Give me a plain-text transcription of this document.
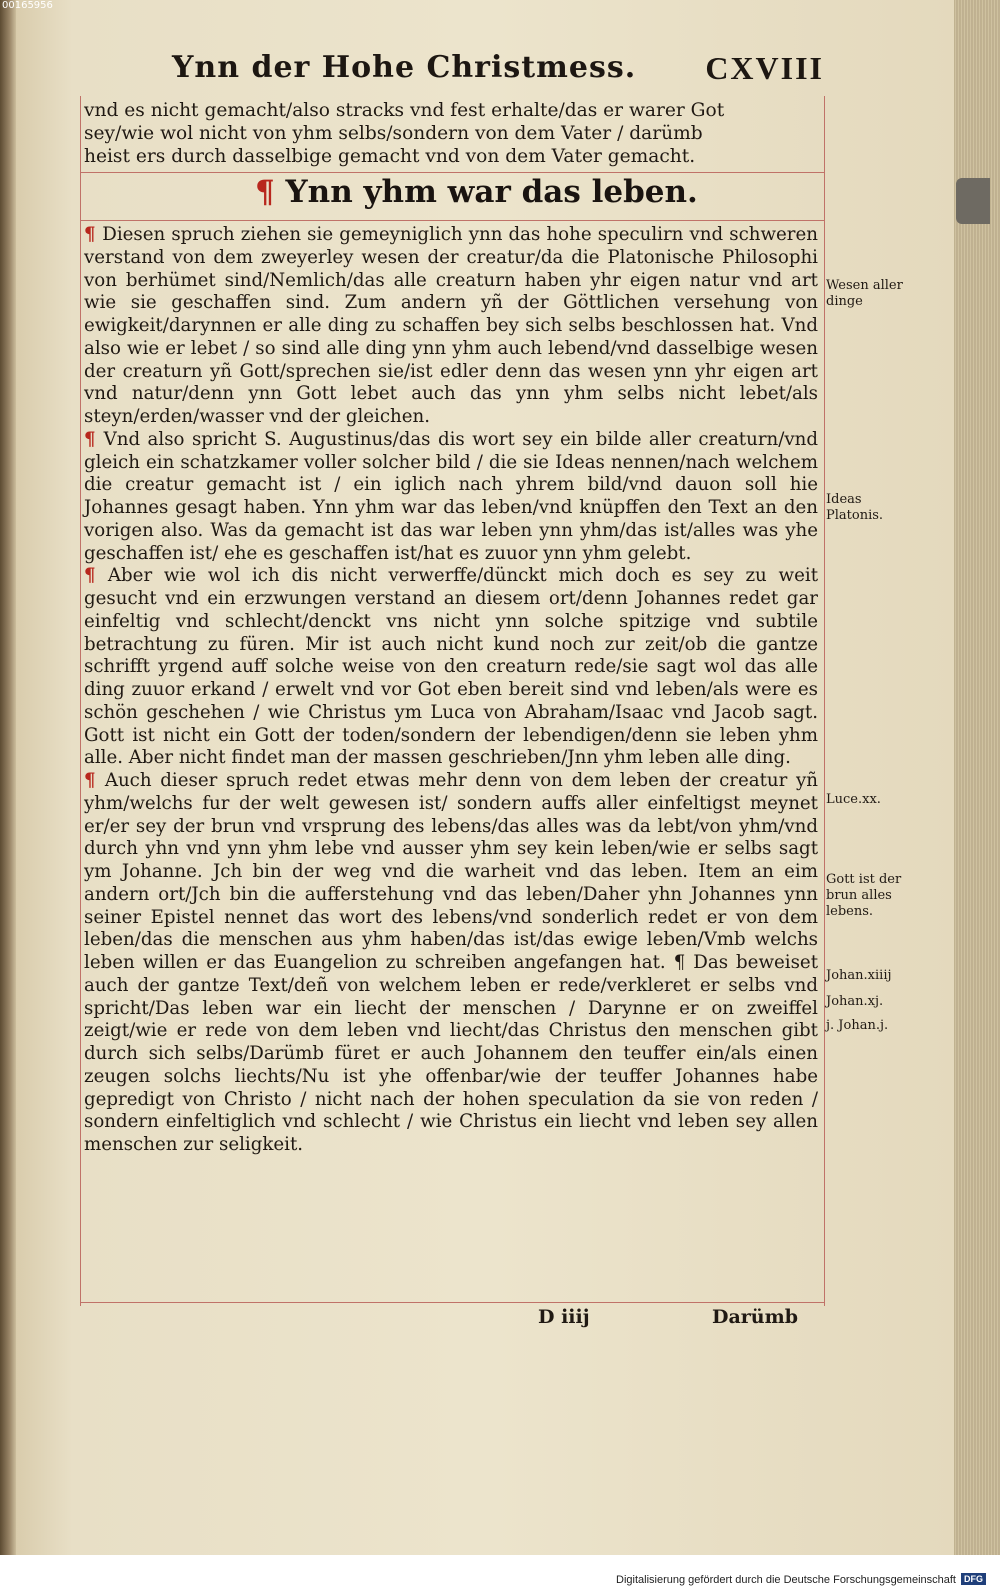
00165956
Ynn der Hohe Christmess. CXVIII
vnd es nicht gemacht/also stracks vnd fest erhalte/das er warer Got
sey/wie wol nicht von yhm selbs/sondern von dem Vater / darümb
heist ers durch dasselbige gemacht vnd von dem Vater gemacht.
¶ Ynn yhm war das leben.

¶ Diesen spruch ziehen sie gemeyniglich ynn das hohe speculirn vnd schweren verstand von dem zweyerley wesen der creatur/da die Platonische Philosophi von berhümet sind/Nemlich/das alle creaturn haben yhr eigen natur vnd art wie sie geschaffen sind. Zum andern yñ der Göttlichen versehung von ewigkeit/darynnen er alle ding zu schaffen bey sich selbs beschlossen hat. Vnd also wie er lebet / so sind alle ding ynn yhm auch lebend/vnd dasselbige wesen der creaturn yñ Gott/sprechen sie/ist edler denn das wesen ynn yhr eigen art vnd natur/denn ynn Gott lebet auch das ynn yhm selbs nicht lebet/als steyn/erden/wasser vnd der gleichen.

¶ Vnd also spricht S. Augustinus/das dis wort sey ein bilde aller creaturn/vnd gleich ein schatzkamer voller solcher bild / die sie Ideas nennen/nach welchem die creatur gemacht ist / ein iglich nach yhrem bild/vnd dauon soll hie Johannes gesagt haben. Ynn yhm war das leben/vnd knüpffen den Text an den vorigen also. Was da gemacht ist das war leben ynn yhm/das ist/alles was yhe geschaffen ist/ ehe es geschaffen ist/hat es zuuor ynn yhm gelebt.

¶ Aber wie wol ich dis nicht verwerffe/dünckt mich doch es sey zu weit gesucht vnd ein erzwungen verstand an diesem ort/denn Johannes redet gar einfeltig vnd schlecht/denckt vns nicht ynn solche spitzige vnd subtile betrachtung zu füren. Mir ist auch nicht kund noch zur zeit/ob die gantze schrifft yrgend auff solche weise von den creaturn rede/sie sagt wol das alle ding zuuor erkand / erwelt vnd vor Got eben bereit sind vnd leben/als were es schön geschehen / wie Christus ym Luca von Abraham/Isaac vnd Jacob sagt. Gott ist nicht ein Gott der toden/sondern der lebendigen/denn sie leben yhm alle. Aber nicht findet man der massen geschrieben/Jnn yhm leben alle ding.

¶ Auch dieser spruch redet etwas mehr denn von dem leben der creatur yñ yhm/welchs fur der welt gewesen ist/ sondern auffs aller einfeltigst meynet er/er sey der brun vnd vrsprung des lebens/das alles was da lebt/von yhm/vnd durch yhn vnd ynn yhm lebe vnd ausser yhm sey kein leben/wie er selbs sagt ym Johanne. Jch bin der weg vnd die warheit vnd das leben. Item an eim andern ort/Jch bin die aufferstehung vnd das leben/Daher yhn Johannes ynn seiner Epistel nennet das wort des lebens/vnd sonderlich redet er von dem leben/das die menschen aus yhm haben/das ist/das ewige leben/Vmb welchs leben willen er das Euangelion zu schreiben angefangen hat. ¶ Das beweiset auch der gantze Text/deñ von welchem leben er rede/verkleret er selbs vnd spricht/Das leben war ein liecht der menschen / Darynne er on zweiffel zeigt/wie er rede von dem leben vnd liecht/das Christus den menschen gibt durch sich selbs/Darümb füret er auch Johannem den teuffer ein/als einen zeugen solchs liechts/Nu ist yhe offenbar/wie der teuffer Johannes habe gepredigt von Christo / nicht nach der hohen speculation da sie von reden / sondern einfeltiglich vnd schlecht / wie Christus ein liecht vnd leben sey allen menschen zur seligkeit.

Wesen aller dinge
Ideas Platonis.
Luce.xx.
Gott ist der brun alles lebens.
Johan.xiiij
Johan.xj.
j. Johan.j.
D iiij	Darümb
Digitalisierung gefördert durch die Deutsche Forschungsgemeinschaft DFG
